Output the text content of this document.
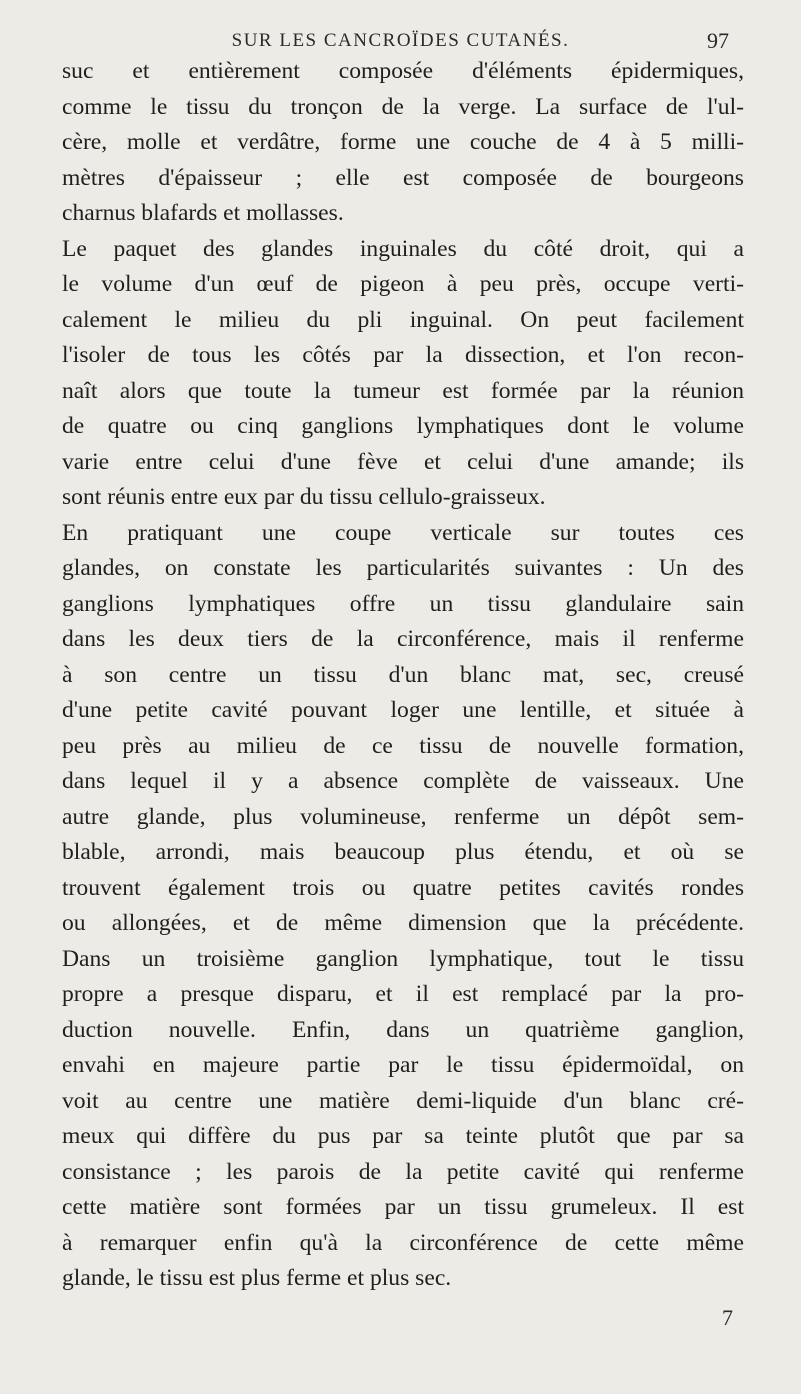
SUR LES CANCROÏDES CUTANÉS.	97
suc et entièrement composée d'éléments épidermiques,
comme le tissu du tronçon de la verge. La surface de l'ul-
cère, molle et verdâtre, forme une couche de 4 à 5 milli-
mètres d'épaisseur ; elle est composée de bourgeons
charnus blafards et mollasses.
Le paquet des glandes inguinales du côté droit, qui a
le volume d'un œuf de pigeon à peu près, occupe verti-
calement le milieu du pli inguinal. On peut facilement
l'isoler de tous les côtés par la dissection, et l'on recon-
naît alors que toute la tumeur est formée par la réunion
de quatre ou cinq ganglions lymphatiques dont le volume
varie entre celui d'une fève et celui d'une amande; ils
sont réunis entre eux par du tissu cellulo-graisseux.
En pratiquant une coupe verticale sur toutes ces
glandes, on constate les particularités suivantes : Un des
ganglions lymphatiques offre un tissu glandulaire sain
dans les deux tiers de la circonférence, mais il renferme
à son centre un tissu d'un blanc mat, sec, creusé
d'une petite cavité pouvant loger une lentille, et située à
peu près au milieu de ce tissu de nouvelle formation,
dans lequel il y a absence complète de vaisseaux. Une
autre glande, plus volumineuse, renferme un dépôt sem-
blable, arrondi, mais beaucoup plus étendu, et où se
trouvent également trois ou quatre petites cavités rondes
ou allongées, et de même dimension que la précédente.
Dans un troisième ganglion lymphatique, tout le tissu
propre a presque disparu, et il est remplacé par la pro-
duction nouvelle. Enfin, dans un quatrième ganglion,
envahi en majeure partie par le tissu épidermoïdal, on
voit au centre une matière demi-liquide d'un blanc cré-
meux qui diffère du pus par sa teinte plutôt que par sa
consistance ; les parois de la petite cavité qui renferme
cette matière sont formées par un tissu grumeleux. Il est
à remarquer enfin qu'à la circonférence de cette même
glande, le tissu est plus ferme et plus sec.
7
